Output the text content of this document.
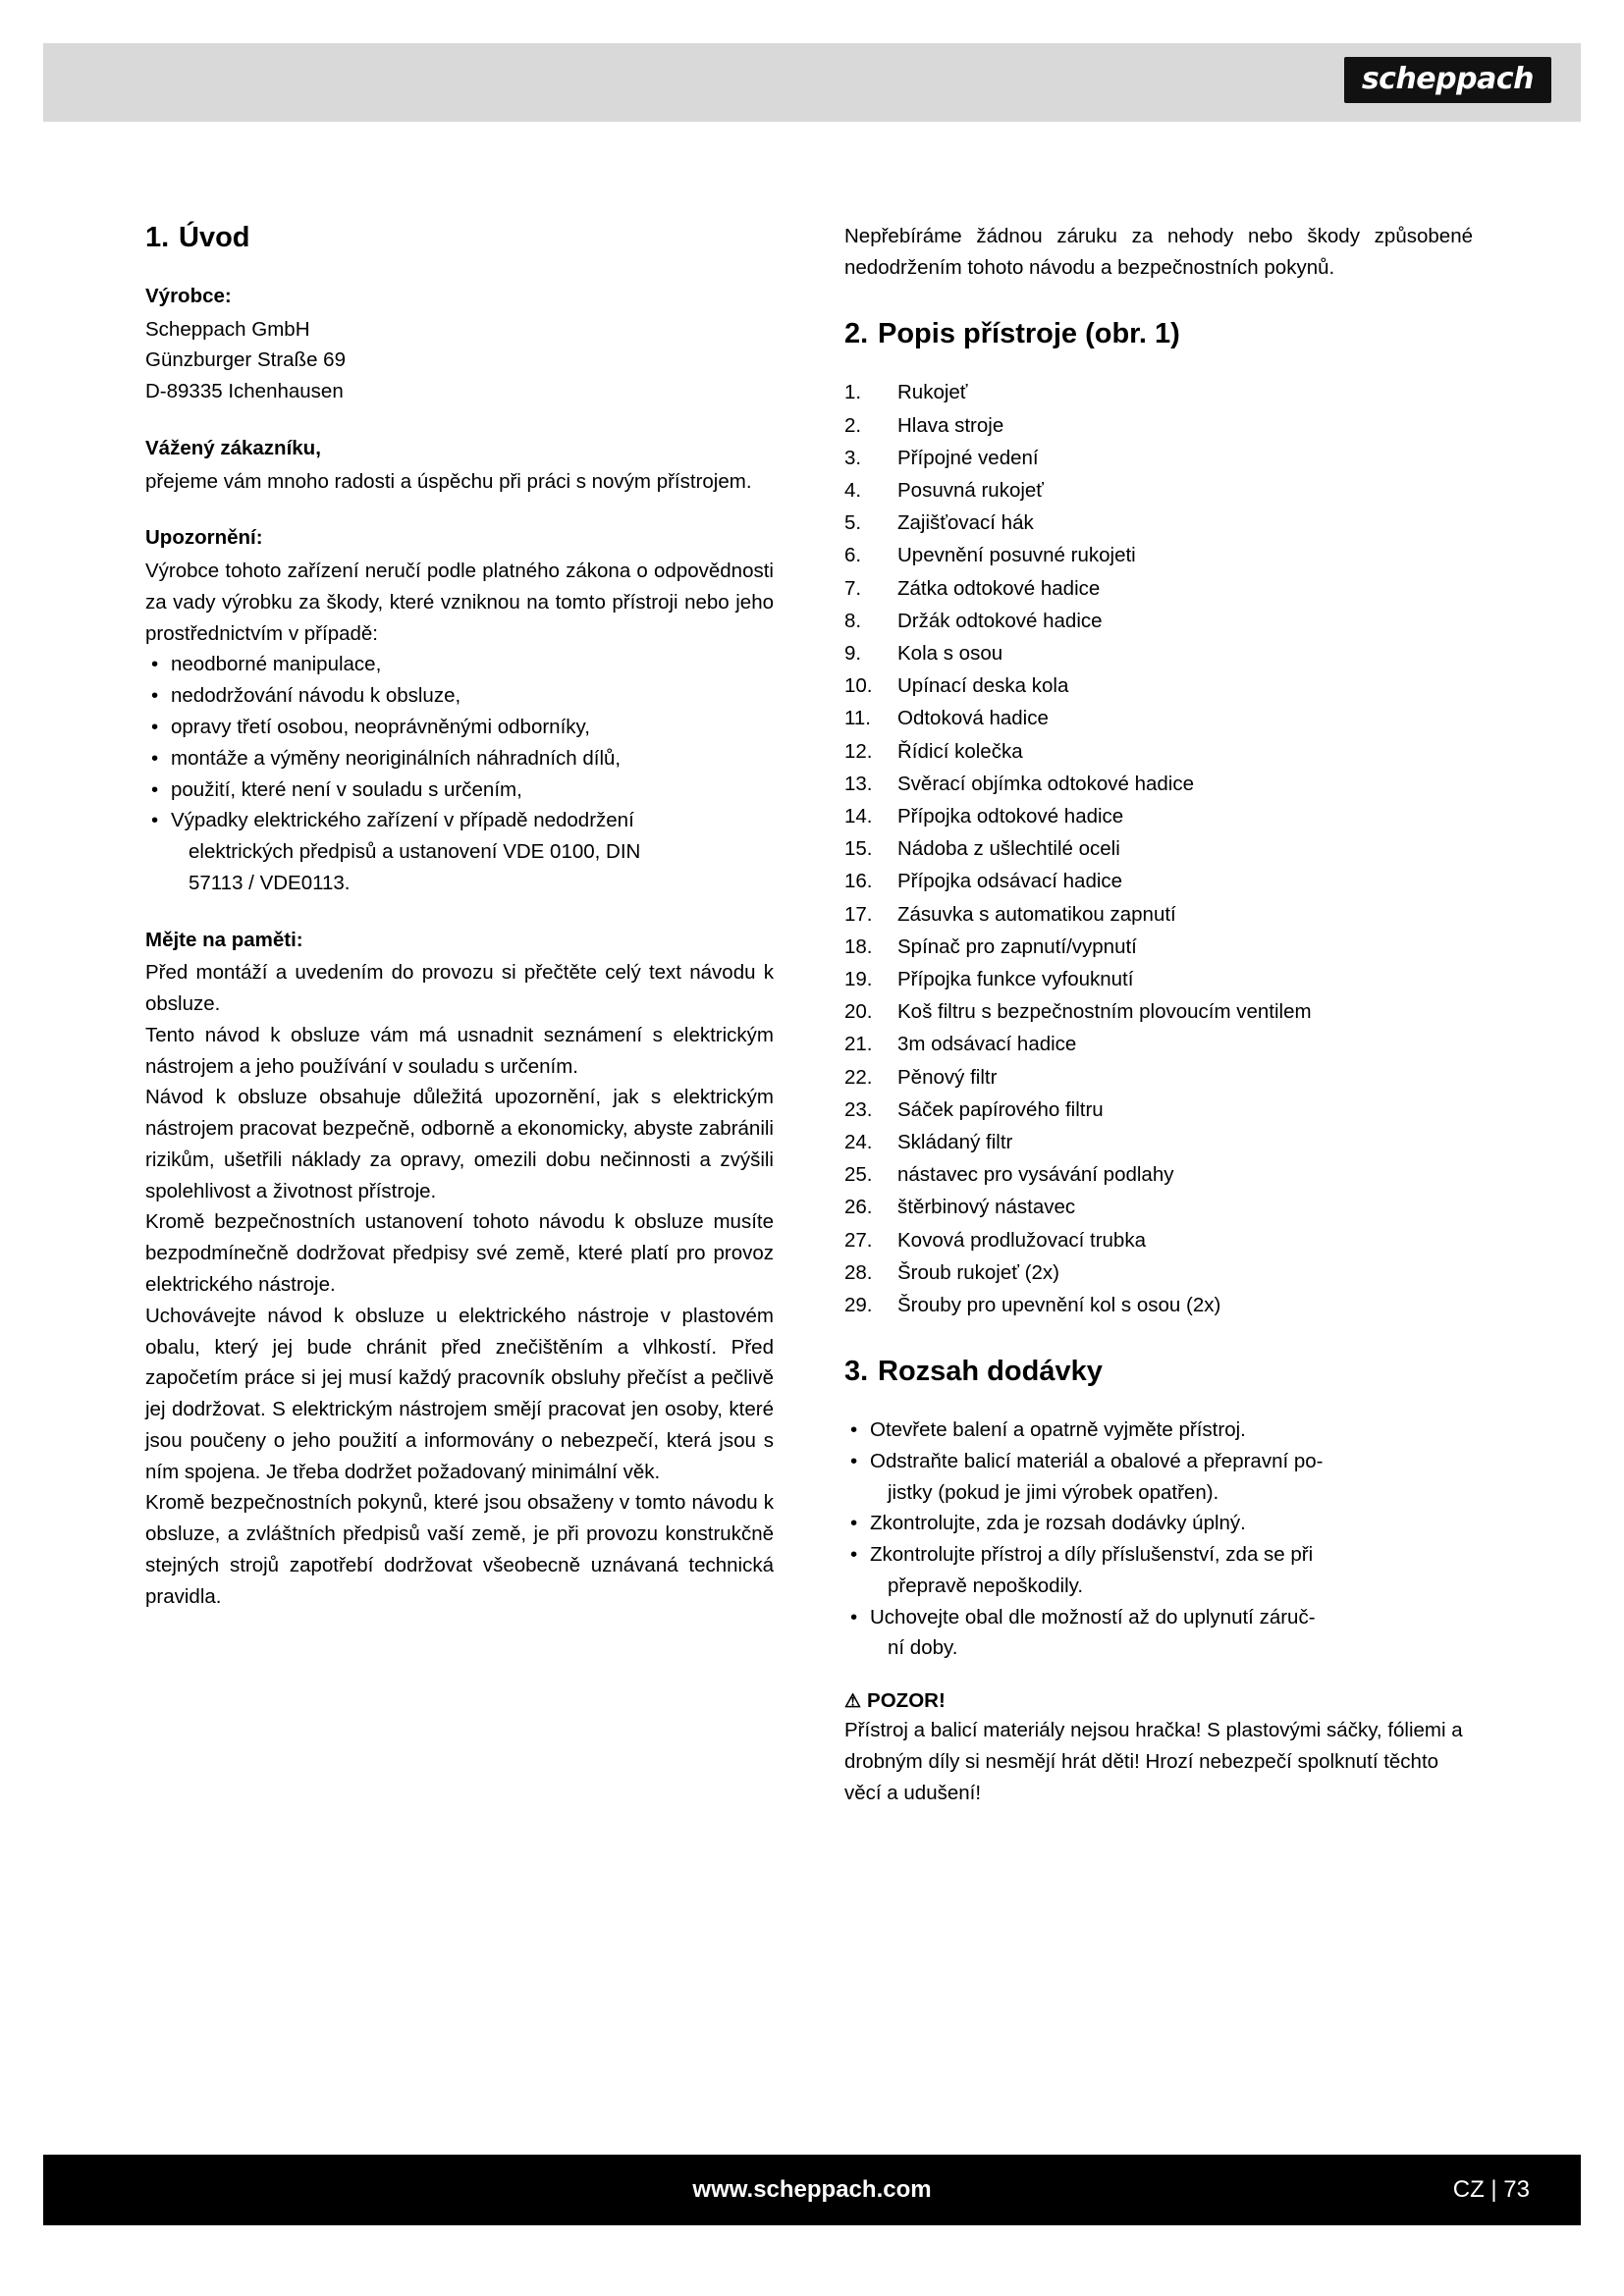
scheppach
1. Úvod
Výrobce:

Scheppach GmbH

Günzburger Straße 69

D-89335 Ichenhausen

Vážený zákazníku,

přejeme vám mnoho radosti a úspěchu při práci s novým přístrojem.

Upozornění:

Výrobce tohoto zařízení neručí podle platného zákona o odpovědnosti za vady výrobku za škody, které vzniknou na tomto přístroji nebo jeho prostřednictvím v případě:

• neodborné manipulace,
• nedodržování návodu k obsluze,
• opravy třetí osobou, neoprávněnými odborníky,
• montáže a výměny neoriginálních náhradních dílů,
• použití, které není v souladu s určením,
• Výpadky elektrického zařízení v případě nedodržení
elektrických předpisů a ustanovení VDE 0100, DIN
57113 / VDE0113.
Mějte na paměti:

Před montáží a uvedením do provozu si přečtěte celý text návodu k obsluze.

Tento návod k obsluze vám má usnadnit seznámení s elektrickým nástrojem a jeho používání v souladu s určením.

Návod k obsluze obsahuje důležitá upozornění, jak s elektrickým nástrojem pracovat bezpečně, odborně a ekonomicky, abyste zabránili rizikům, ušetřili náklady za opravy, omezili dobu nečinnosti a zvýšili spolehlivost a životnost přístroje.

Kromě bezpečnostních ustanovení tohoto návodu k obsluze musíte bezpodmínečně dodržovat předpisy své země, které platí pro provoz elektrického nástroje.

Uchovávejte návod k obsluze u elektrického nástroje v plastovém obalu, který jej bude chránit před znečištěním a vlhkostí. Před započetím práce si jej musí každý pracovník obsluhy přečíst a pečlivě jej dodržovat. S elektrickým nástrojem smějí pracovat jen osoby, které jsou poučeny o jeho použití a informovány o nebezpečí, která jsou s ním spojena. Je třeba dodržet požadovaný minimální věk.

Kromě bezpečnostních pokynů, které jsou obsaženy v tomto návodu k obsluze, a zvláštních předpisů vaší země, je při provozu konstrukčně stejných strojů zapotřebí dodržovat všeobecně uznávaná technická pravidla.

Nepřebíráme žádnou záruku za nehody nebo škody způsobené nedodržením tohoto návodu a bezpečnostních pokynů.

2. Popis přístroje (obr. 1)
1.	Rukojeť
2.	Hlava stroje
3.	Přípojné vedení
4.	Posuvná rukojeť
5.	Zajišťovací hák
6.	Upevnění posuvné rukojeti
7.	Zátka odtokové hadice
8.	Držák odtokové hadice
9.	Kola s osou
10.	Upínací deska kola
11.	Odtoková hadice
12.	Řídicí kolečka
13.	Svěrací objímka odtokové hadice
14.	Přípojka odtokové hadice
15.	Nádoba z ušlechtilé oceli
16.	Přípojka odsávací hadice
17.	Zásuvka s automatikou zapnutí
18.	Spínač pro zapnutí/vypnutí
19.	Přípojka funkce vyfouknutí
20.	Koš filtru s bezpečnostním plovoucím ventilem
21.	3m odsávací hadice
22.	Pěnový filtr
23.	Sáček papírového filtru
24.	Skládaný filtr
25.	nástavec pro vysávání podlahy
26.	štěrbinový nástavec
27.	Kovová prodlužovací trubka
28.	Šroub rukojeť (2x)
29.	Šrouby pro upevnění kol s osou (2x)
3. Rozsah dodávky
• Otevřete balení a opatrně vyjměte přístroj.
• Odstraňte balicí materiál a obalové a přepravní po-
jistky (pokud je jimi výrobek opatřen).
• Zkontrolujte, zda je rozsah dodávky úplný.
• Zkontrolujte přístroj a díly příslušenství, zda se při
přepravě nepoškodily.
• Uchovejte obal dle možností až do uplynutí záruč-
ní doby.
⚠ POZOR!

Přístroj a balicí materiály nejsou hračka! S plastovými sáčky, fóliemi a drobným díly si nesmějí hrát děti! Hrozí nebezpečí spolknutí těchto věcí a udušení!

www.scheppach.com	CZ | 73
